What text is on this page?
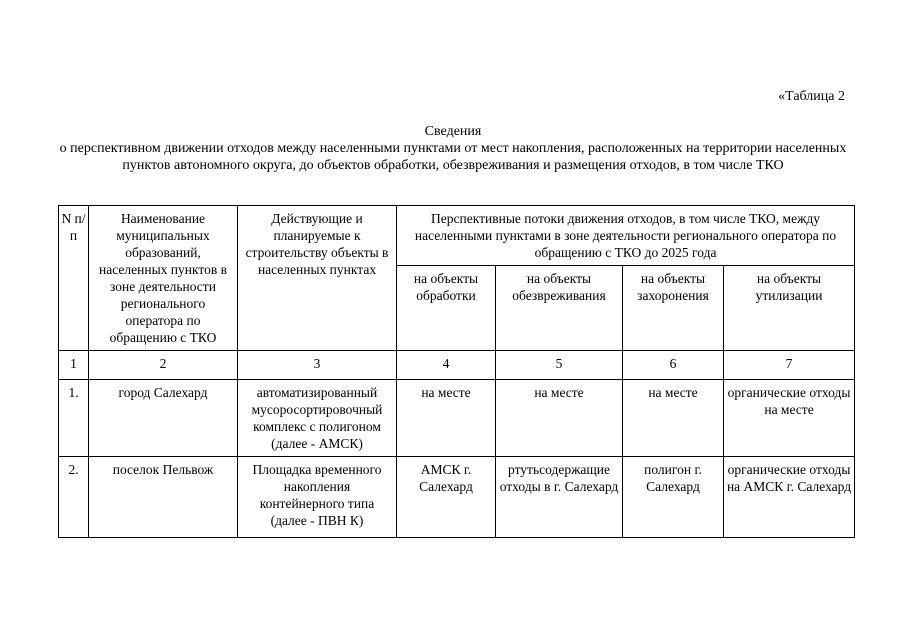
«Таблица 2
Сведения
о перспективном движении отходов между населенными пунктами от мест накопления, расположенных на территории населенных пунктов автономного округа, до объектов обработки, обезвреживания и размещения отходов, в том числе ТКО
N п/п	Наименование муниципальных образований, населенных пунктов в зоне деятельности регионального оператора по обращению с ТКО	Действующие и планируемые к строительству объекты в населенных пунктах	Перспективные потоки движения отходов, в том числе ТКО, между населенными пунктами в зоне деятельности регионального оператора по обращению с ТКО до 2025 года			
			на объекты обработки	на объекты обезвреживания	на объекты захоронения	на объекты утилизации
1	2	3	4	5	6	7
1.	город Салехард	автоматизированный мусоросортировочный комплекс с полигоном (далее - АМСК)	на месте	на месте	на месте	органические отходы на месте
2.	поселок Пельвож	Площадка временного накопления контейнерного типа (далее - ПВН К)	АМСК г. Салехард	ртутьсодержащие отходы в г. Салехард	полигон г. Салехард	органические отходы на АМСК г. Салехард
